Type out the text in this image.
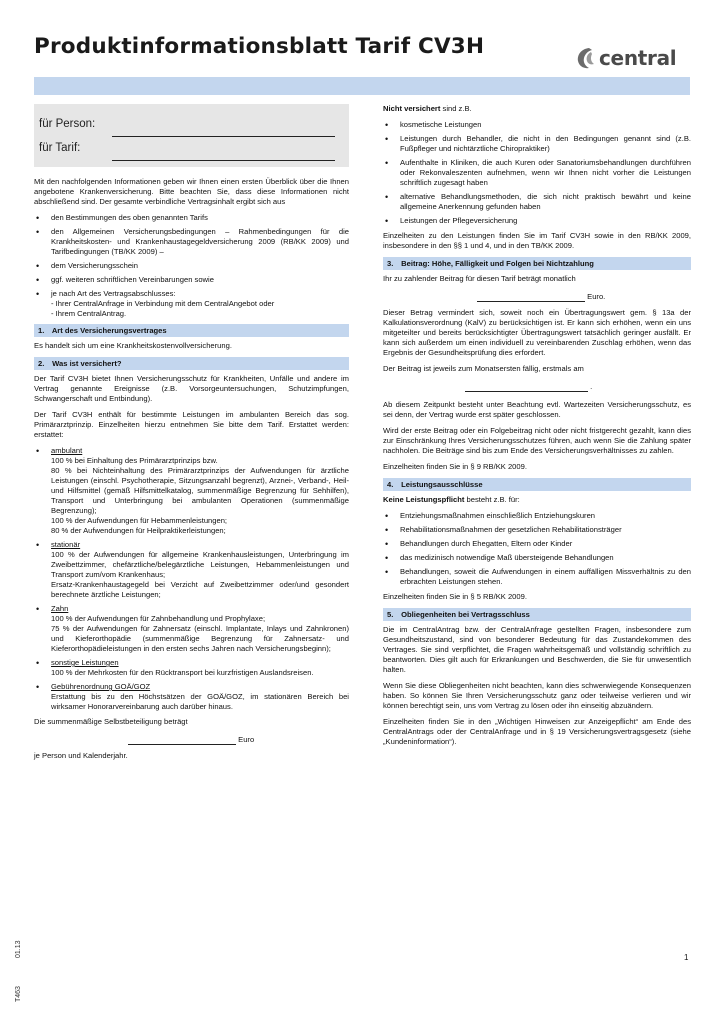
Produktinformationsblatt Tarif CV3H	central
für Person:
für Tarif:

Mit den nachfolgenden Informationen geben wir Ihnen einen ersten Überblick über die Ihnen angebotene Krankenversicherung. Bitte beachten Sie, dass diese Informationen nicht abschließend sind. Der gesamte verbindliche Vertragsinhalt ergibt sich aus

• den Bestimmungen des oben genannten Tarifs
• den Allgemeinen Versicherungsbedingungen – Rahmenbedingungen für die Krankheitskosten- und Krankenhaustagegeldversicherung 2009 (RB/KK 2009) und Tarifbedingungen (TB/KK 2009) –
• dem Versicherungsschein
• ggf. weiteren schriftlichen Vereinbarungen sowie
• je nach Art des Vertragsabschlusses:
- Ihrer CentralAnfrage in Verbindung mit dem CentralAngebot oder
- Ihrem CentralAntrag.
1. Art des Versicherungsvertrages

Es handelt sich um eine Krankheitskostenvollversicherung.

2. Was ist versichert?

Der Tarif CV3H bietet Ihnen Versicherungsschutz für Krankheiten, Unfälle und andere im Vertrag genannte Ereignisse (z.B. Vorsorgeuntersuchungen, Schutzimpfungen, Schwangerschaft und Entbindung).

Der Tarif CV3H enthält für bestimmte Leistungen im ambulanten Bereich das sog. Primärarztprinzip. Einzelheiten hierzu entnehmen Sie bitte dem Tarif. Erstattet werden: erstattet:

• ambulant
100 % bei Einhaltung des Primärarztprinzips bzw.
80 % bei Nichteinhaltung des Primärarztprinzips der Aufwendungen für ärztliche Leistungen (einschl. Psychotherapie, Sitzungsanzahl begrenzt), Arznei-, Verband-, Heil- und Hilfsmittel (gemäß Hilfsmittelkatalog, summenmäßige Begrenzung für Sehhilfen), Transport und Unterbringung bei ambulanten Operationen (summenmäßige Begrenzung);
100 % der Aufwendungen für Hebammenleistungen;
80 % der Aufwendungen für Heilpraktikerleistungen;
• stationär
100 % der Aufwendungen für allgemeine Krankenhausleistungen, Unterbringung im Zweibettzimmer, chefärztliche/belegärztliche Leistungen, Hebammenleistungen und Transport zum/vom Krankenhaus;
Ersatz-Krankenhaustagegeld bei Verzicht auf Zweibettzimmer oder/und gesondert berechnete ärztliche Leistungen;
• Zahn
100 % der Aufwendungen für Zahnbehandlung und Prophylaxe;
75 % der Aufwendungen für Zahnersatz (einschl. Implantate, Inlays und Zahnkronen) und Kieferorthopädie (summenmäßige Begrenzung für Zahnersatz- und Kieferorthopädieleistungen in den ersten sechs Jahren nach Versicherungsbeginn);
• sonstige Leistungen
100 % der Mehrkosten für den Rücktransport bei kurzfristigen Auslandsreisen.
• Gebührenordnung GOÄ/GOZ
Erstattung bis zu den Höchstsätzen der GOÄ/GOZ, im stationären Bereich bei wirksamer Honorarvereinbarung auch darüber hinaus.

Die summenmäßige Selbstbeteiligung beträgt

Euro

je Person und Kalenderjahr.

Nicht versichert sind z.B.

• kosmetische Leistungen
• Leistungen durch Behandler, die nicht in den Bedingungen genannt sind (z.B. Fußpfleger und nichtärztliche Chiropraktiker)
• Aufenthalte in Kliniken, die auch Kuren oder Sanatoriumsbehandlungen durchführen oder Rekonvaleszenten aufnehmen, wenn wir Ihnen nicht vorher die Leistungen schriftlich zugesagt haben
• alternative Behandlungsmethoden, die sich nicht praktisch bewährt und keine allgemeine Anerkennung gefunden haben
• Leistungen der Pflegeversicherung

Einzelheiten zu den Leistungen finden Sie im Tarif CV3H sowie in den RB/KK 2009, insbesondere in den §§ 1 und 4, und in den TB/KK 2009.

3. Beitrag: Höhe, Fälligkeit und Folgen bei Nichtzahlung

Ihr zu zahlender Beitrag für diesen Tarif beträgt monatlich

Euro.

Dieser Betrag vermindert sich, soweit noch ein Übertragungswert gem. § 13a der Kalkulationsverordnung (KalV) zu berücksichtigen ist. Er kann sich erhöhen, wenn ein uns mitgeteilter und bereits berücksichtigter Übertragungswert tatsächlich geringer ausfällt. Er kann sich außerdem um einen individuell zu vereinbarenden Zuschlag erhöhen, wenn das Ergebnis der Gesundheitsprüfung dies erfordert.

Der Beitrag ist jeweils zum Monatsersten fällig, erstmals am

.

Ab diesem Zeitpunkt besteht unter Beachtung evtl. Wartezeiten Versicherungsschutz, es sei denn, der Vertrag wurde erst später geschlossen.

Wird der erste Beitrag oder ein Folgebeitrag nicht oder nicht fristgerecht gezahlt, kann dies zur Einschränkung Ihres Versicherungsschutzes führen, auch wenn Sie die Zahlung später nachholen. Die Beiträge sind bis zum Ende des Versicherungsverhältnisses zu zahlen.

Einzelheiten finden Sie in § 9 RB/KK 2009.

4. Leistungsausschlüsse

Keine Leistungspflicht besteht z.B. für:

• Entziehungsmaßnahmen einschließlich Entziehungskuren
• Rehabilitationsmaßnahmen der gesetzlichen Rehabilitationsträger
• Behandlungen durch Ehegatten, Eltern oder Kinder
• das medizinisch notwendige Maß übersteigende Behandlungen
• Behandlungen, soweit die Aufwendungen in einem auffälligen Missverhältnis zu den erbrachten Leistungen stehen.

Einzelheiten finden Sie in § 5 RB/KK 2009.

5. Obliegenheiten bei Vertragsschluss

Die im CentralAntrag bzw. der CentralAnfrage gestellten Fragen, insbesondere zum Gesundheitszustand, sind von besonderer Bedeutung für das Zustandekommen des Vertrages. Sie sind verpflichtet, die Fragen wahrheitsgemäß und vollständig schriftlich zu beantworten. Dies gilt auch für Erkrankungen und Beschwerden, die Sie für unwesentlich halten.

Wenn Sie diese Obliegenheiten nicht beachten, kann dies schwerwiegende Konsequenzen haben. So können Sie Ihren Versicherungsschutz ganz oder teilweise verlieren und wir können berechtigt sein, uns vom Vertrag zu lösen oder ihn einseitig abzuändern.

Einzelheiten finden Sie in den „Wichtigen Hinweisen zur Anzeigepflicht“ am Ende des CentralAntrags oder der CentralAnfrage und in § 19 Versicherungsvertragsgesetz (siehe „Kundeninformation“).

T463
01.13	1
